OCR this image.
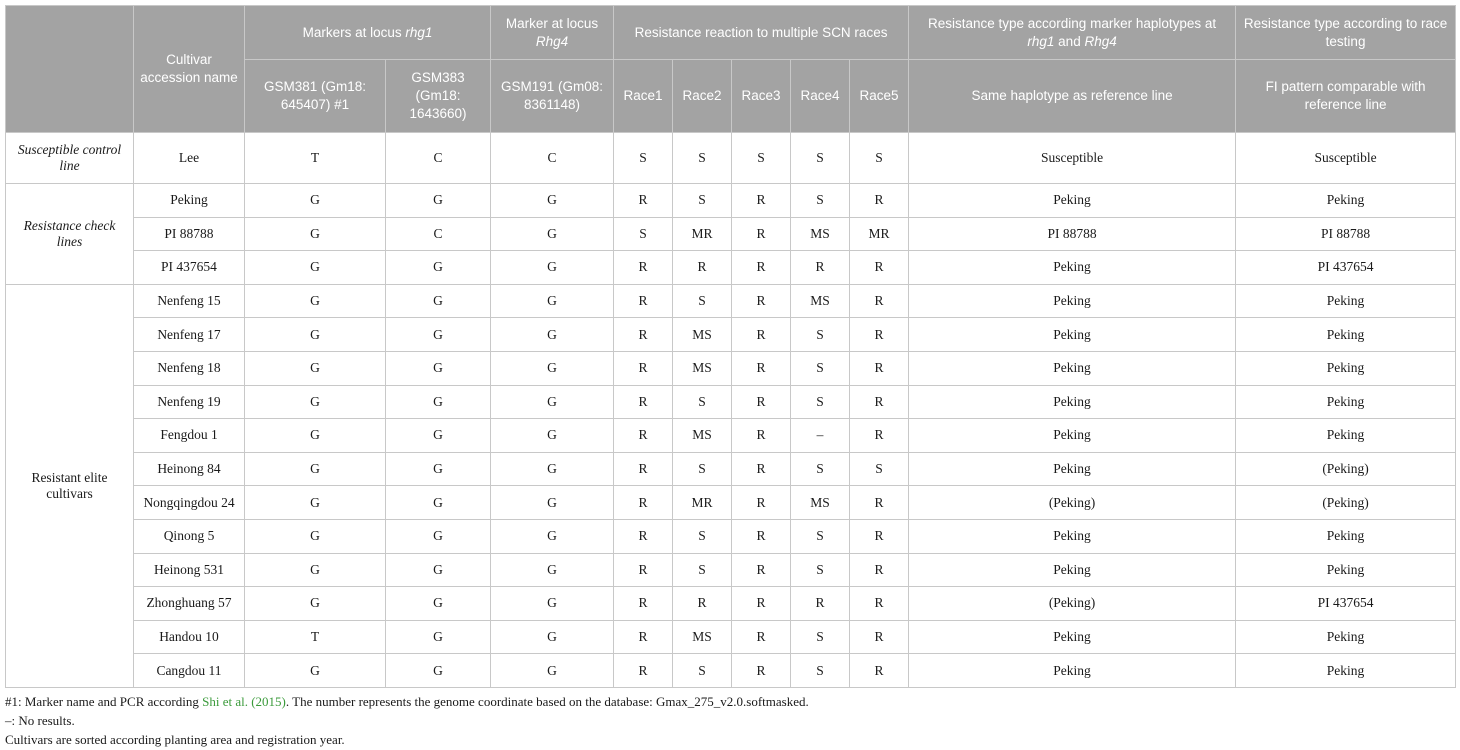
	Cultivar accession name	Markers at locus rhg1		Marker at locus Rhg4	Resistance reaction to multiple SCN races					Resistance type according marker haplotypes at rhg1 and Rhg4	Resistance type according to race testing
		GSM381 (Gm18: 645407) #1	GSM383 (Gm18: 1643660)	GSM191 (Gm08: 8361148)	Race1	Race2	Race3	Race4	Race5	Same haplotype as reference line	FI pattern comparable with reference line
Susceptible control line	Lee	T	C	C	S	S	S	S	S	Susceptible	Susceptible
Resistance check lines	Peking	G	G	G	R	S	R	S	R	Peking	Peking
	PI 88788	G	C	G	S	MR	R	MS	MR	PI 88788	PI 88788
	PI 437654	G	G	G	R	R	R	R	R	Peking	PI 437654
Resistant elite cultivars	Nenfeng 15	G	G	G	R	S	R	MS	R	Peking	Peking
	Nenfeng 17	G	G	G	R	MS	R	S	R	Peking	Peking
	Nenfeng 18	G	G	G	R	MS	R	S	R	Peking	Peking
	Nenfeng 19	G	G	G	R	S	R	S	R	Peking	Peking
	Fengdou 1	G	G	G	R	MS	R	–	R	Peking	Peking
	Heinong 84	G	G	G	R	S	R	S	S	Peking	(Peking)
	Nongqingdou 24	G	G	G	R	MR	R	MS	R	(Peking)	(Peking)
	Qinong 5	G	G	G	R	S	R	S	R	Peking	Peking
	Heinong 531	G	G	G	R	S	R	S	R	Peking	Peking
	Zhonghuang 57	G	G	G	R	R	R	R	R	(Peking)	PI 437654
	Handou 10	T	G	G	R	MS	R	S	R	Peking	Peking
	Cangdou 11	G	G	G	R	S	R	S	R	Peking	Peking
#1: Marker name and PCR according Shi et al. (2015). The number represents the genome coordinate based on the database: Gmax_275_v2.0.softmasked.
–: No results.
Cultivars are sorted according planting area and registration year.
